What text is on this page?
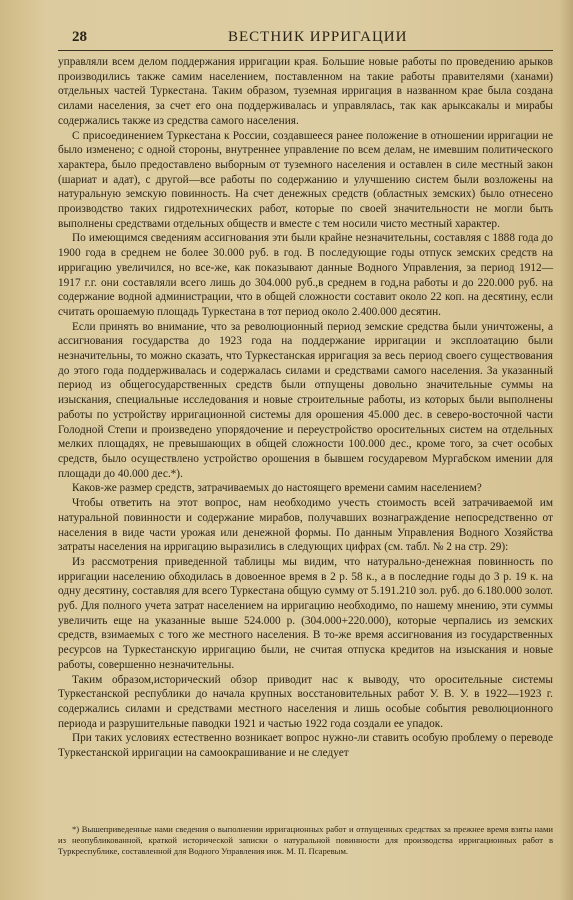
28	ВЕСТНИК ИРРИГАЦИИ

управляли всем делом поддержания ирригации края. Большие новые работы по проведению арыков производились также самим населением, поставленном на такие работы правителями (ханами) отдельных частей Туркестана. Таким образом, туземная ирригация в названном крае была создана силами населения, за счет его она поддерживалась и управлялась, так как арыксакалы и мирабы содержались также из средства самого населения.

С присоединением Туркестана к России, создавшееся ранее положение в отношении ирригации не было изменено; с одной стороны, внутреннее управление по всем делам, не имевшим политического характера, было предоставлено выборным от туземного населения и оставлен в силе местный закон (шариат и адат), с другой—все работы по содержанию и улучшению систем были возложены на натуральную земскую повинность. На счет денежных средств (областных земских) было отнесено производство таких гидротехнических работ, которые по своей значительности не могли быть выполнены средствами отдельных обществ и вместе с тем носили чисто местный характер.

По имеющимся сведениям ассигнования эти были крайне незначительны, составляя с 1888 года до 1900 года в среднем не более 30.000 руб. в год. В последующие годы отпуск земских средств на ирригацию увеличился, но все-же, как показывают данные Водного Управления, за период 1912—1917 г.г. они составляли всего лишь до 304.000 руб.,в среднем в год,на работы и до 220.000 руб. на содержание водной администрации, что в общей сложности составит около 22 коп. на десятину, если считать орошаемую площадь Туркестана в тот период около 2.400.000 десятин.

Если принять во внимание, что за революционный период земские средства были уничтожены, а ассигнования государства до 1923 года на поддержание ирригации и эксплоатацию были незначительны, то можно сказать, что Туркестанская ирригация за весь период своего существования до этого года поддерживалась и содержалась силами и средствами самого населения. За указанный период из общегосударственных средств были отпущены довольно значительные суммы на изыскания, специальные исследования и новые строительные работы, из которых были выполнены работы по устройству ирригационной системы для орошения 45.000 дес. в северо-восточной части Голодной Степи и произведено упорядочение и переустройство оросительных систем на отдельных мелких площадях, не превышающих в общей сложности 100.000 дес., кроме того, за счет особых средств, было осуществлено устройство орошения в бывшем государевом Мургабском имении для площади до 40.000 дес.*).

Каков-же размер средств, затрачиваемых до настоящего времени самим населением?

Чтобы ответить на этот вопрос, нам необходимо учесть стоимость всей затрачиваемой им натуральной повинности и содержание мирабов, получавших вознаграждение непосредственно от населения в виде части урожая или денежной формы. По данным Управления Водного Хозяйства затраты населения на ирригацию выразились в следующих цифрах (см. табл. № 2 на стр. 29):

Из рассмотрения приведенной таблицы мы видим, что натурально-денежная повинность по ирригации населению обходилась в довоенное время в 2 р. 58 к., а в последние годы до 3 р. 19 к. на одну десятину, составляя для всего Туркестана общую сумму от 5.191.210 зол. руб. до 6.180.000 золот. руб. Для полного учета затрат населением на ирригацию необходимо, по нашему мнению, эти суммы увеличить еще на указанные выше 524.000 р. (304.000+220.000), которые черпались из земских средств, взимаемых с того же местного населения. В то-же время ассигнования из государственных ресурсов на Туркестанскую ирригацию были, не считая отпуска кредитов на изыскания и новые работы, совершенно незначительны.

Таким образом,исторический обзор приводит нас к выводу, что оросительные системы Туркестанской республики до начала крупных восстановительных работ У. В. У. в 1922—1923 г. содержались силами и средствами местного населения и лишь особые события революционного периода и разрушительные паводки 1921 и частью 1922 года создали ее упадок.

При таких условиях естественно возникает вопрос нужно-ли ставить особую проблему о переводе Туркестанской ирригации на самоокрашивание и не следует

*) Вышеприведенные нами сведения о выполнении ирригационных работ и отпущенных средствах за прежнее время взяты нами из неопубликованной, краткой исторической записки о натуральной повинности для производства ирригационных работ в Туркреспублике, составленной для Водного Управления инж. М. П. Псаревым.
